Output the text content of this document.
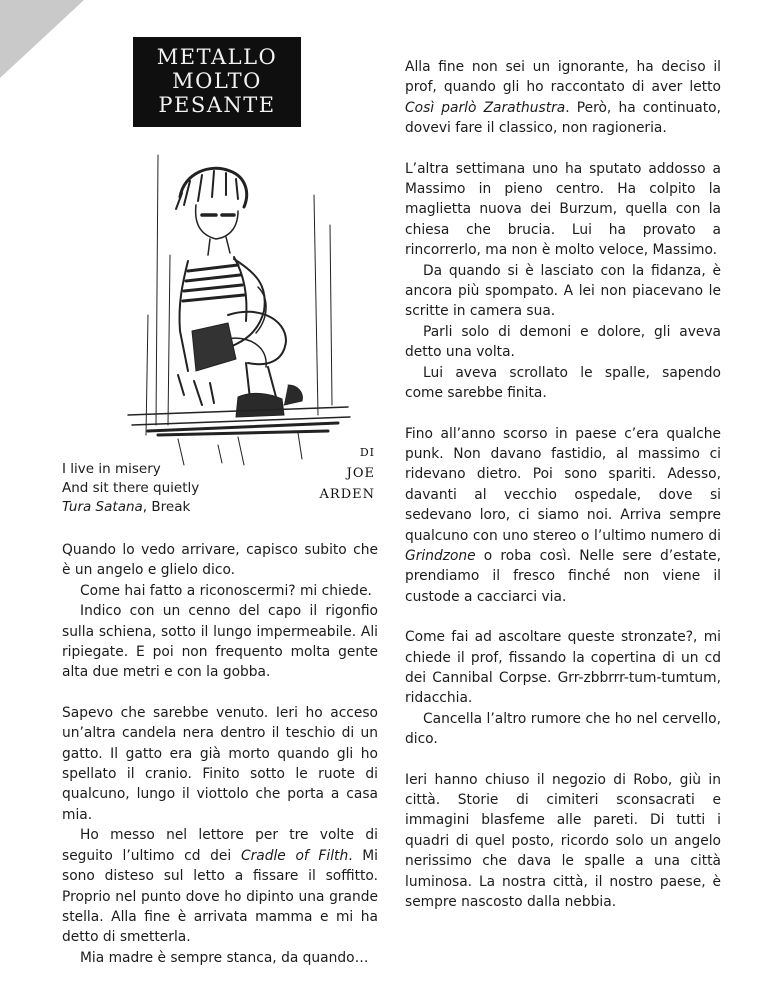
METALLO
MOLTO
PESANTE
DI
JOE
ARDEN
I live in misery
And sit there quietly
Tura Satana, Break

Quando lo vedo arrivare, capisco subito che è un angelo e glielo dico.

Come hai fatto a riconoscermi? mi chiede.

Indico con un cenno del capo il rigonfio sulla schiena, sotto il lungo impermeabile. Ali ripiegate. E poi non frequento molta gente alta due metri e con la gobba.

Sapevo che sarebbe venuto. Ieri ho acceso un’altra candela nera dentro il teschio di un gatto. Il gatto era già morto quando gli ho spellato il cranio. Finito sotto le ruote di qualcuno, lungo il viottolo che porta a casa mia.

Ho messo nel lettore per tre volte di seguito l’ultimo cd dei Cradle of Filth. Mi sono disteso sul letto a fissare il soffitto. Proprio nel punto dove ho dipinto una grande stella. Alla fine è arrivata mamma e mi ha detto di smetterla.

Mia madre è sempre stanca, da quando…

Alla fine non sei un ignorante, ha deciso il prof, quando gli ho raccontato di aver letto Così parlò Zarathustra. Però, ha continuato, dovevi fare il classico, non ragioneria.

L’altra settimana uno ha sputato addosso a Massimo in pieno centro. Ha colpito la maglietta nuova dei Burzum, quella con la chiesa che brucia. Lui ha provato a rincorrerlo, ma non è molto veloce, Massimo.

Da quando si è lasciato con la fidanza, è ancora più spompato. A lei non piacevano le scritte in camera sua.

Parli solo di demoni e dolore, gli aveva detto una volta.

Lui aveva scrollato le spalle, sapendo come sarebbe finita.

Fino all’anno scorso in paese c’era qualche punk. Non davano fastidio, al massimo ci ridevano dietro. Poi sono spariti. Adesso, davanti al vecchio ospedale, dove si sedevano loro, ci siamo noi. Arriva sempre qualcuno con uno stereo o l’ultimo numero di Grindzone o roba così. Nelle sere d’estate, prendiamo il fresco finché non viene il custode a cacciarci via.

Come fai ad ascoltare queste stronzate?, mi chiede il prof, fissando la copertina di un cd dei Cannibal Corpse. Grr-zbbrrr-tum-tumtum, ridacchia.

Cancella l’altro rumore che ho nel cervello, dico.

Ieri hanno chiuso il negozio di Robo, giù in città. Storie di cimiteri sconsacrati e immagini blasfeme alle pareti. Di tutti i quadri di quel posto, ricordo solo un angelo nerissimo che dava le spalle a una città luminosa. La nostra città, il nostro paese, è sempre nascosto dalla nebbia.
